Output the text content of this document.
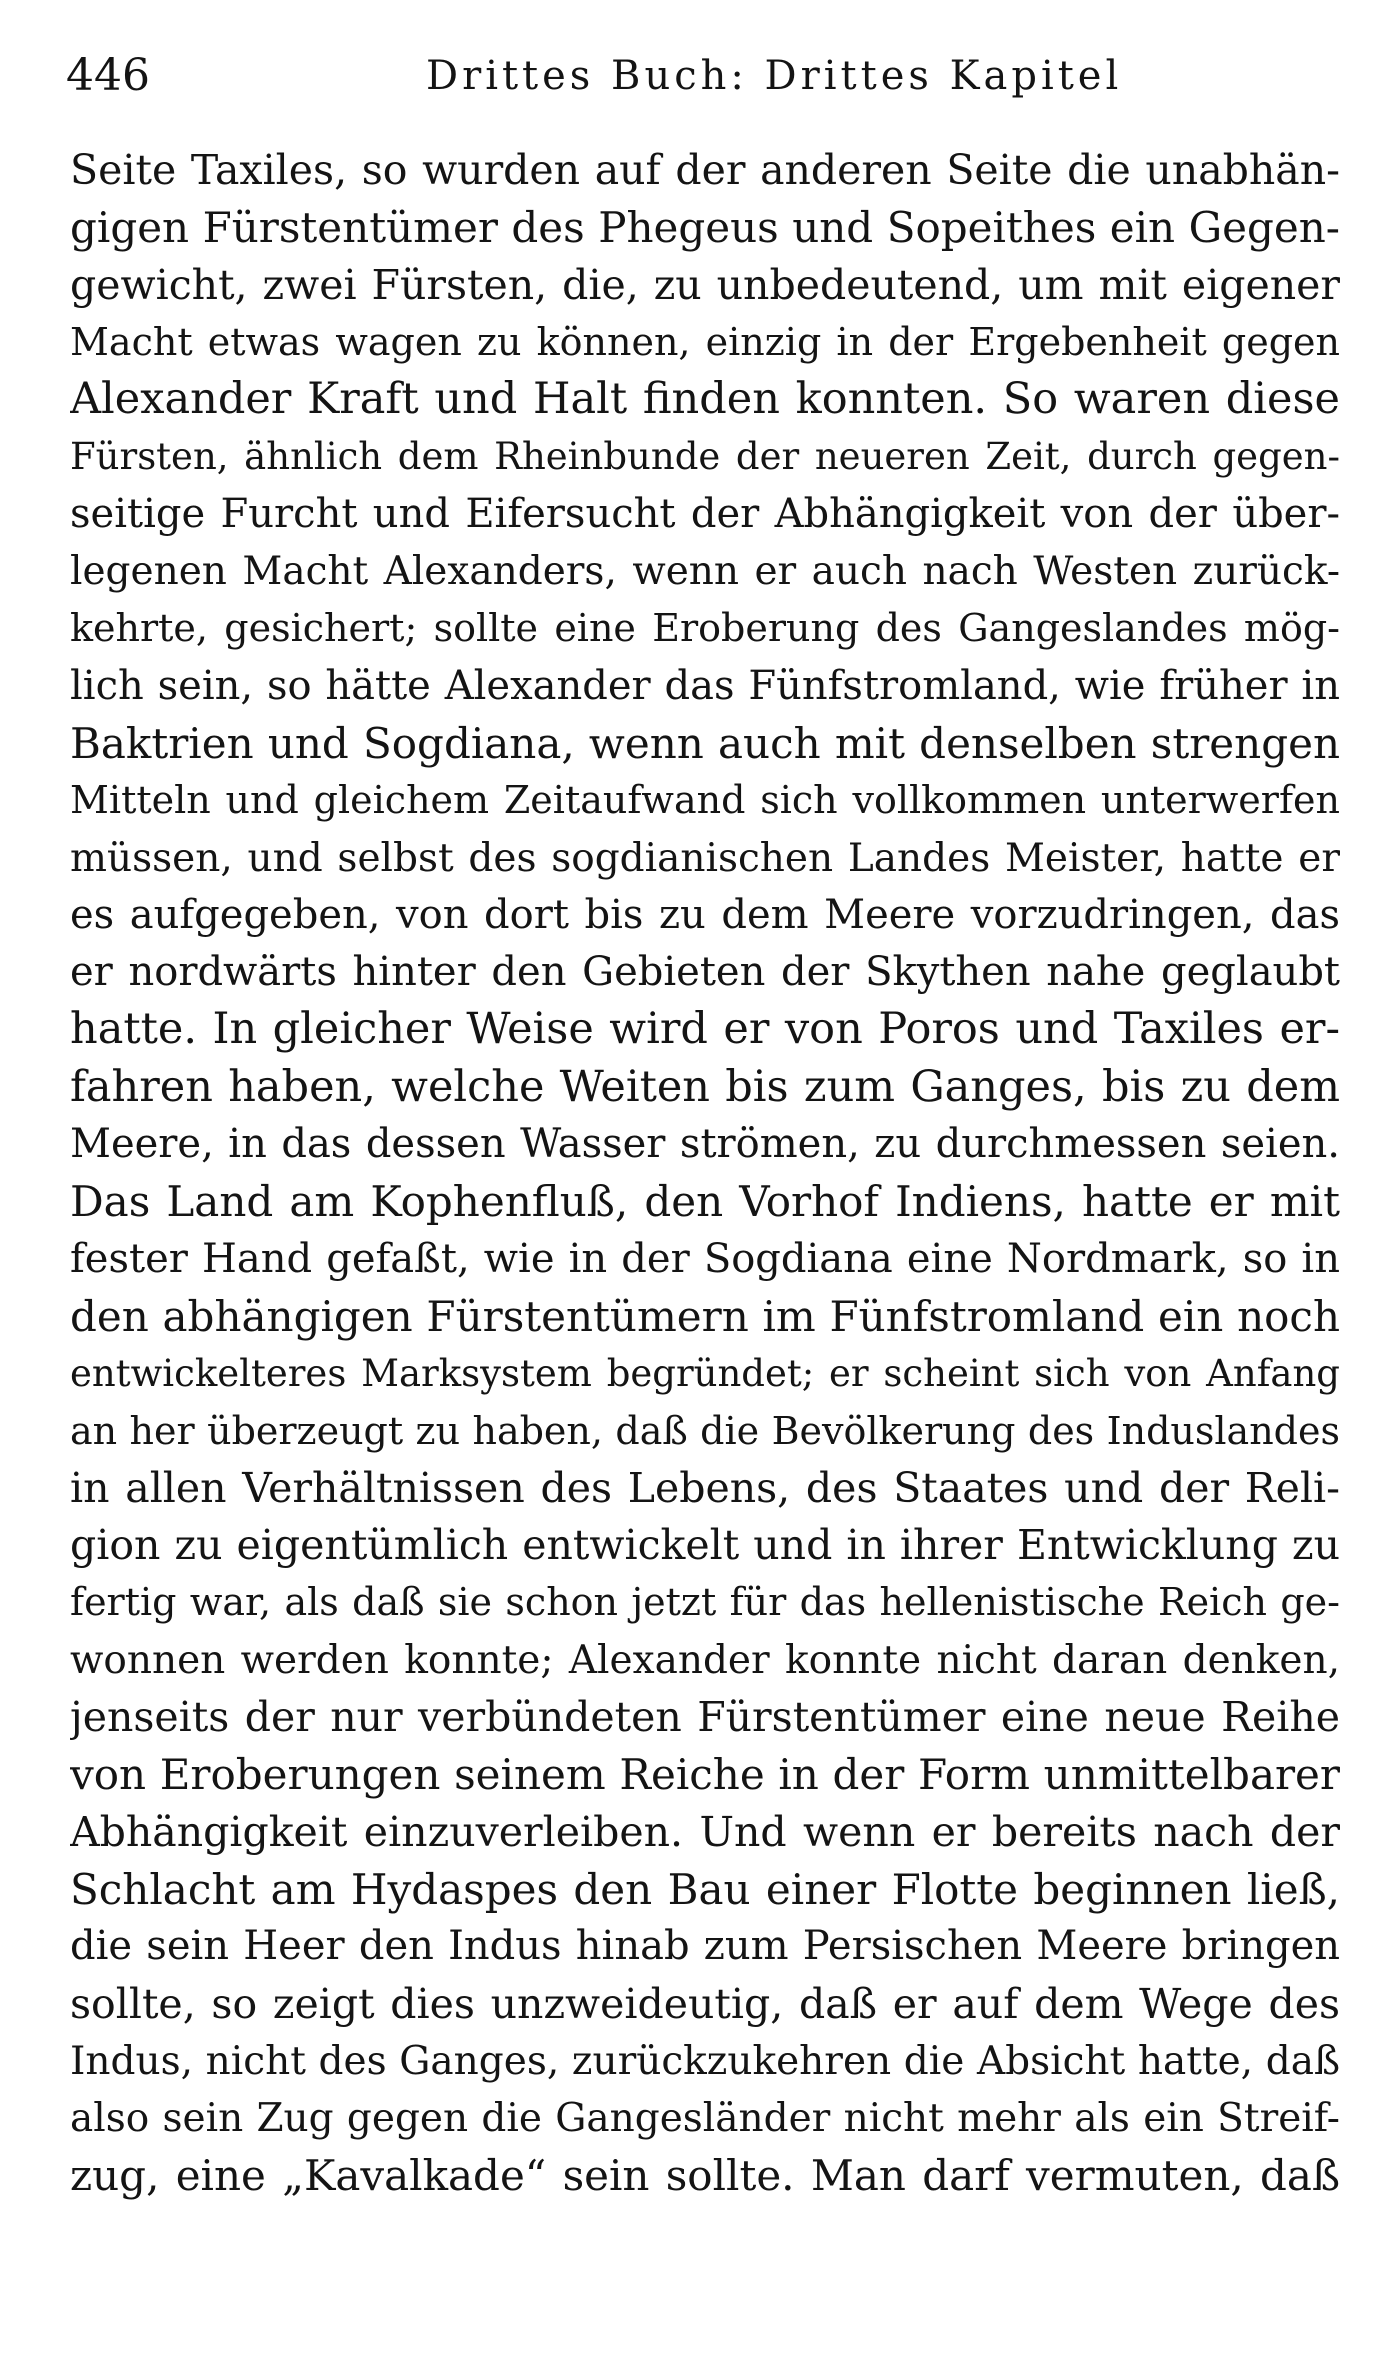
446	Drittes Buch: Drittes Kapitel
Seite Taxiles, so wurden auf der anderen Seite die unabhän-
gigen Fürstentümer des Phegeus und Sopeithes ein Gegen-
gewicht, zwei Fürsten, die, zu unbedeutend, um mit eigener
Macht etwas wagen zu können, einzig in der Ergebenheit gegen
Alexander Kraft und Halt finden konnten. So waren diese
Fürsten, ähnlich dem Rheinbunde der neueren Zeit, durch gegen-
seitige Furcht und Eifersucht der Abhängigkeit von der über-
legenen Macht Alexanders, wenn er auch nach Westen zurück-
kehrte, gesichert; sollte eine Eroberung des Gangeslandes mög-
lich sein, so hätte Alexander das Fünfstromland, wie früher in
Baktrien und Sogdiana, wenn auch mit denselben strengen
Mitteln und gleichem Zeitaufwand sich vollkommen unterwerfen
müssen, und selbst des sogdianischen Landes Meister, hatte er
es aufgegeben, von dort bis zu dem Meere vorzudringen, das
er nordwärts hinter den Gebieten der Skythen nahe geglaubt
hatte. In gleicher Weise wird er von Poros und Taxiles er-
fahren haben, welche Weiten bis zum Ganges, bis zu dem
Meere, in das dessen Wasser strömen, zu durchmessen seien.
Das Land am Kophenfluß, den Vorhof Indiens, hatte er mit
fester Hand gefaßt, wie in der Sogdiana eine Nordmark, so in
den abhängigen Fürstentümern im Fünfstromland ein noch
entwickelteres Marksystem begründet; er scheint sich von Anfang
an her überzeugt zu haben, daß die Bevölkerung des Induslandes
in allen Verhältnissen des Lebens, des Staates und der Reli-
gion zu eigentümlich entwickelt und in ihrer Entwicklung zu
fertig war, als daß sie schon jetzt für das hellenistische Reich ge-
wonnen werden konnte; Alexander konnte nicht daran denken,
jenseits der nur verbündeten Fürstentümer eine neue Reihe
von Eroberungen seinem Reiche in der Form unmittelbarer
Abhängigkeit einzuverleiben. Und wenn er bereits nach der
Schlacht am Hydaspes den Bau einer Flotte beginnen ließ,
die sein Heer den Indus hinab zum Persischen Meere bringen
sollte, so zeigt dies unzweideutig, daß er auf dem Wege des
Indus, nicht des Ganges, zurückzukehren die Absicht hatte, daß
also sein Zug gegen die Gangesländer nicht mehr als ein Streif-
zug, eine „Kavalkade“ sein sollte. Man darf vermuten, daß
